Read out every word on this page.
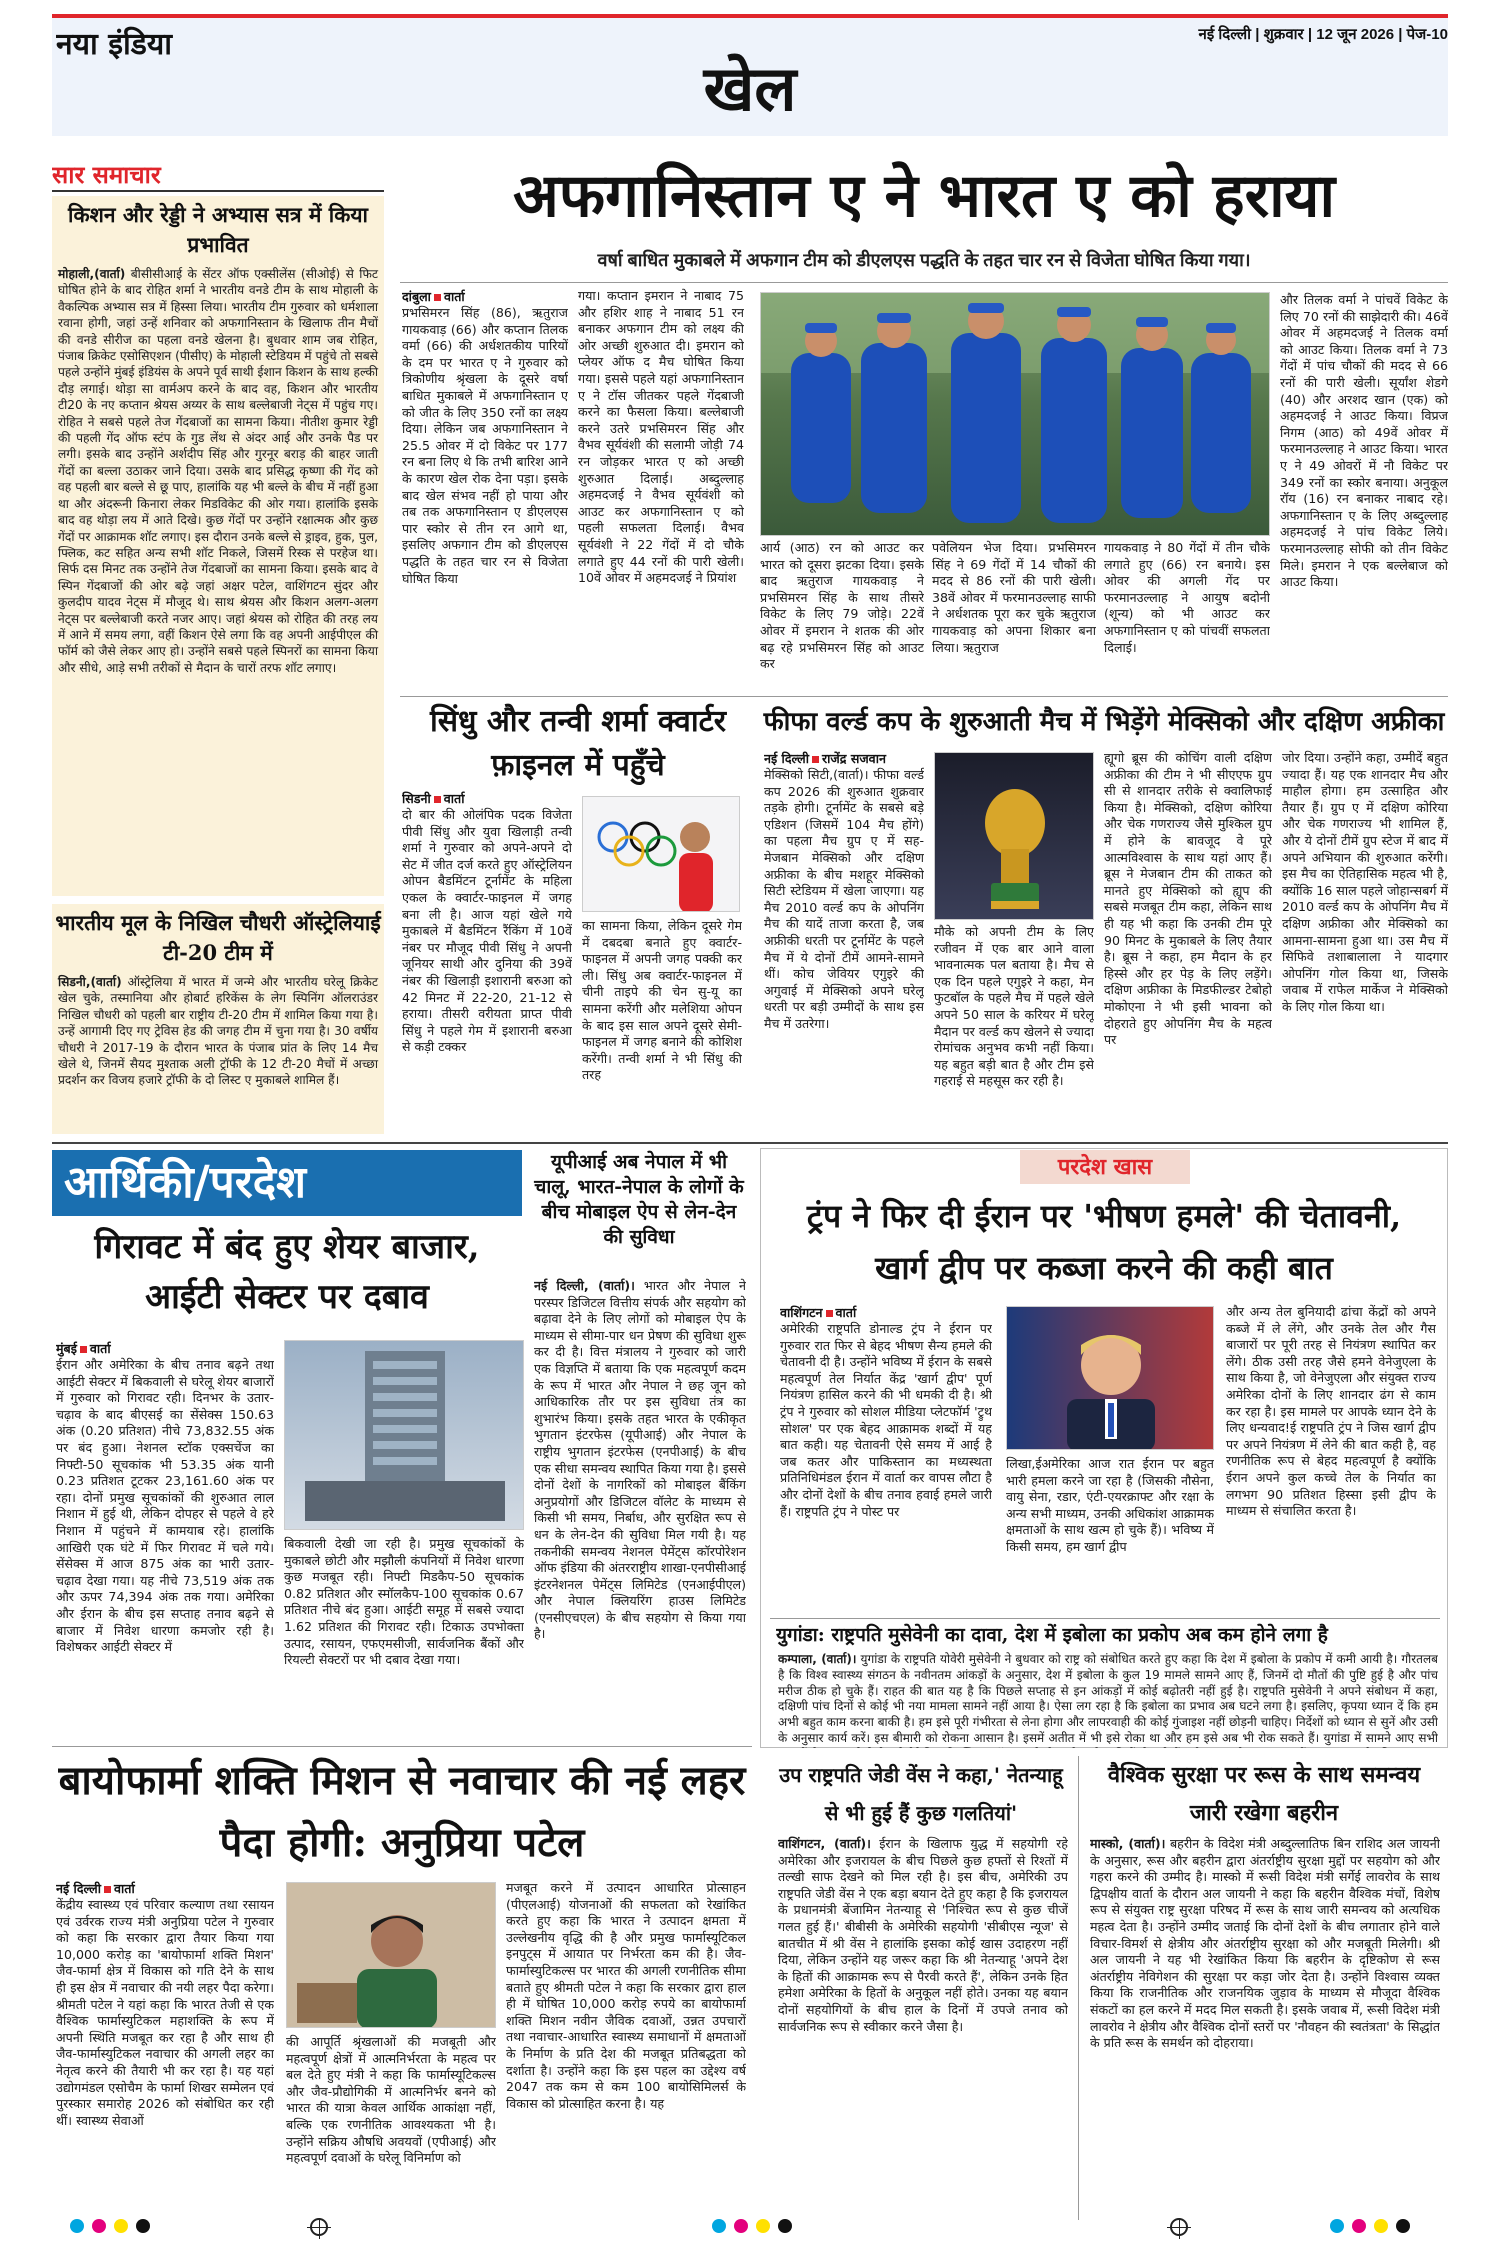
नया इंडिया	नई दिल्ली | शुक्रवार | 12 जून 2026 | पेज-10
खेल
सार समाचार
किशन और रेड्डी ने अभ्यास सत्र में किया प्रभावित
मोहाली,(वार्ता) बीसीसीआई के सेंटर ऑफ एक्सीलेंस (सीओई) से फिट घोषित होने के बाद रोहित शर्मा ने भारतीय वनडे टीम के साथ मोहाली के वैकल्पिक अभ्यास सत्र में हिस्सा लिया। भारतीय टीम गुरुवार को धर्मशाला रवाना होगी, जहां उन्हें शनिवार को अफगानिस्तान के खिलाफ तीन मैचों की वनडे सीरीज का पहला वनडे खेलना है। बुधवार शाम जब रोहित, पंजाब क्रिकेट एसोसिएशन (पीसीए) के मोहाली स्टेडियम में पहुंचे तो सबसे पहले उन्होंने मुंबई इंडियंस के अपने पूर्व साथी ईशान किशन के साथ हल्की दौड़ लगाई। थोड़ा सा वार्मअप करने के बाद वह, किशन और भारतीय टी20 के नए कप्तान श्रेयस अय्यर के साथ बल्लेबाजी नेट्स में पहुंच गए। रोहित ने सबसे पहले तेज गेंदबाजों का सामना किया। नीतीश कुमार रेड्डी की पहली गेंद ऑफ स्टंप के गुड लेंथ से अंदर आई और उनके पैड पर लगी। इसके बाद उन्होंने अर्शदीप सिंह और गुरनूर बराड़ की बाहर जाती गेंदों का बल्ला उठाकर जाने दिया। उसके बाद प्रसिद्ध कृष्णा की गेंद को वह पहली बार बल्ले से छू पाए, हालांकि यह भी बल्ले के बीच में नहीं हुआ था और अंदरूनी किनारा लेकर मिडविकेट की ओर गया। हालांकि इसके बाद वह थोड़ा लय में आते दिखे। कुछ गेंदों पर उन्होंने रक्षात्मक और कुछ गेंदों पर आक्रामक शॉट लगाए। इस दौरान उनके बल्ले से ड्राइव, हुक, पुल, फ्लिक, कट सहित अन्य सभी शॉट निकले, जिसमें रिस्क से परहेज था। सिर्फ दस मिनट तक उन्होंने तेज गेंदबाजों का सामना किया। इसके बाद वे स्पिन गेंदबाजों की ओर बढ़े जहां अक्षर पटेल, वाशिंगटन सुंदर और कुलदीप यादव नेट्स में मौजूद थे। साथ श्रेयस और किशन अलग-अलग नेट्स पर बल्लेबाजी करते नजर आए। जहां श्रेयस को रोहित की तरह लय में आने में समय लगा, वहीं किशन ऐसे लगा कि वह अपनी आईपीएल की फॉर्म को जैसे लेकर आए हो। उन्होंने सबसे पहले स्पिनरों का सामना किया और सीधे, आड़े सभी तरीकों से मैदान के चारों तरफ शॉट लगाए।
भारतीय मूल के निखिल चौधरी ऑस्ट्रेलियाई टी-20 टीम में
सिडनी,(वार्ता) ऑस्ट्रेलिया में भारत में जन्मे और भारतीय घरेलू क्रिकेट खेल चुके, तस्मानिया और होबार्ट हरिकेंस के लेग स्पिनिंग ऑलराउंडर निखिल चौधरी को पहली बार राष्ट्रीय टी-20 टीम में शामिल किया गया है। उन्हें आगामी दिए गए ट्रेविस हेड की जगह टीम में चुना गया है। 30 वर्षीय चौधरी ने 2017-19 के दौरान भारत के पंजाब प्रांत के लिए 14 मैच खेले थे, जिनमें सैयद मुश्ताक अली ट्रॉफी के 12 टी-20 मैचों में अच्छा प्रदर्शन कर विजय हजारे ट्रॉफी के दो लिस्ट ए मुकाबले शामिल हैं।
अफगानिस्तान ए ने भारत ए को हराया
वर्षा बाधित मुकाबले में अफगान टीम को डीएलएस पद्धति के तहत चार रन से विजेता घोषित किया गया।
दांबुला वार्ता
प्रभसिमरन सिंह (86), ऋतुराज गायकवाड़ (66) और कप्तान तिलक वर्मा (66) की अर्धशतकीय पारियों के दम पर भारत ए ने गुरुवार को त्रिकोणीय श्रृंखला के दूसरे वर्षा बाधित मुकाबले में अफगानिस्तान ए को जीत के लिए 350 रनों का लक्ष्य दिया। लेकिन जब अफगानिस्तान ने 25.5 ओवर में दो विकेट पर 177 रन बना लिए थे कि तभी बारिश आने के कारण खेल रोक देना पड़ा। इसके बाद खेल संभव नहीं हो पाया और तब तक अफगानिस्तान ए डीएलएस पार स्कोर से तीन रन आगे था, इसलिए अफगान टीम को डीएलएस पद्धति के तहत चार रन से विजेता घोषित किया
गया। कप्तान इमरान ने नाबाद 75 और हशिर शाह ने नाबाद 51 रन बनाकर अफगान टीम को लक्ष्य की ओर अच्छी शुरुआत दी। इमरान को प्लेयर ऑफ द मैच घोषित किया गया। इससे पहले यहां अफगानिस्तान ए ने टॉस जीतकर पहले गेंदबाजी करने का फैसला किया। बल्लेबाजी करने उतरे प्रभसिमरन सिंह और वैभव सूर्यवंशी की सलामी जोड़ी 74 रन जोड़कर भारत ए को अच्छी शुरुआत दिलाई। अब्दुल्लाह अहमदजई ने वैभव सूर्यवंशी को आउट कर अफगानिस्तान ए को पहली सफलता दिलाई। वैभव सूर्यवंशी ने 22 गेंदों में दो चौके लगाते हुए 44 रनों की पारी खेली। 10वें ओवर में अहमदजई ने प्रियांश
आर्य (आठ) रन को आउट कर भारत को दूसरा झटका दिया। इसके बाद ऋतुराज गायकवाड़ ने प्रभसिमरन सिंह के साथ तीसरे विकेट के लिए 79 जोड़े। 22वें ओवर में इमरान ने शतक की ओर बढ़ रहे प्रभसिमरन सिंह को आउट कर
पवेलियन भेज दिया। प्रभसिमरन सिंह ने 69 गेंदों में 14 चौकों की मदद से 86 रनों की पारी खेली। 38वें ओवर में फरमानउल्लाह साफी ने अर्धशतक पूरा कर चुके ऋतुराज गायकवाड़ को अपना शिकार बना लिया। ऋतुराज
गायकवाड़ ने 80 गेंदों में तीन चौके लगाते हुए (66) रन बनाये। इस ओवर की अगली गेंद पर फरमानउल्लाह ने आयुष बदोनी (शून्य) को भी आउट कर अफगानिस्तान ए को पांचवीं सफलता दिलाई।
और तिलक वर्मा ने पांचवें विकेट के लिए 70 रनों की साझेदारी की। 46वें ओवर में अहमदजई ने तिलक वर्मा को आउट किया। तिलक वर्मा ने 73 गेंदों में पांच चौकों की मदद से 66 रनों की पारी खेली। सूर्यांश शेडगे (40) और अरशद खान (एक) को अहमदजई ने आउट किया। विप्रज निगम (आठ) को 49वें ओवर में फरमानउल्लाह ने आउट किया। भारत ए ने 49 ओवरों में नौ विकेट पर 349 रनों का स्कोर बनाया। अनुकूल रॉय (16) रन बनाकर नाबाद रहे। अफगानिस्तान ए के लिए अब्दुल्लाह अहमदजई ने पांच विकेट लिये। फरमानउल्लाह सोफी को तीन विकेट मिले। इमरान ने एक बल्लेबाज को आउट किया।
सिंधु और तन्वी शर्मा क्वार्टर फ़ाइनल में पहुँचे
सिडनी वार्ता
दो बार की ओलंपिक पदक विजेता पीवी सिंधु और युवा खिलाड़ी तन्वी शर्मा ने गुरुवार को अपने-अपने दो सेट में जीत दर्ज करते हुए ऑस्ट्रेलियन ओपन बैडमिंटन टूर्नामेंट के महिला एकल के क्वार्टर-फाइनल में जगह बना ली है। आज यहां खेले गये मुकाबले में बैडमिंटन रैंकिंग में 10वें नंबर पर मौजूद पीवी सिंधु ने अपनी जूनियर साथी और दुनिया की 39वें नंबर की खिलाड़ी इशारानी बरुआ को 42 मिनट में 22-20, 21-12 से हराया। तीसरी वरीयता प्राप्त पीवी सिंधु ने पहले गेम में इशारानी बरुआ से कड़ी टक्कर
का सामना किया, लेकिन दूसरे गेम में दबदबा बनाते हुए क्वार्टर-फाइनल में अपनी जगह पक्की कर ली। सिंधु अब क्वार्टर-फाइनल में चीनी ताइपे की चेन सु-यू का सामना करेंगी और मलेशिया ओपन के बाद इस साल अपने दूसरे सेमी-फाइनल में जगह बनाने की कोशिश करेंगी। तन्वी शर्मा ने भी सिंधु की तरह
फीफा वर्ल्ड कप के शुरुआती मैच में भिड़ेंगे मेक्सिको और दक्षिण अफ्रीका
नई दिल्ली राजेंद्र सजवान
मेक्सिको सिटी,(वार्ता)। फीफा वर्ल्ड कप 2026 की शुरुआत शुक्रवार तड़के होगी। टूर्नामेंट के सबसे बड़े एडिशन (जिसमें 104 मैच होंगे) का पहला मैच ग्रुप ए में सह-मेजबान मेक्सिको और दक्षिण अफ्रीका के बीच मशहूर मेक्सिको सिटी स्टेडियम में खेला जाएगा। यह मैच 2010 वर्ल्ड कप के ओपनिंग मैच की यादें ताजा करता है, जब अफ्रीकी धरती पर टूर्नामेंट के पहले मैच में ये दोनों टीमें आमने-सामने थीं। कोच जेवियर एगुइरे की अगुवाई में मेक्सिको अपने घरेलू धरती पर बड़ी उम्मीदों के साथ इस मैच में उतरेगा।
मौके को अपनी टीम के लिए रजीवन में एक बार आने वाला भावनात्मक पल बताया है। मैच से एक दिन पहले एगुइरे ने कहा, मेन फुटबॉल के पहले मैच में पहले खेले अपने 50 साल के करियर में घरेलू मैदान पर वर्ल्ड कप खेलने से ज्यादा रोमांचक अनुभव कभी नहीं किया। यह बहुत बड़ी बात है और टीम इसे गहराई से महसूस कर रही है।
ह्यूगो ब्रूस की कोचिंग वाली दक्षिण अफ्रीका की टीम ने भी सीएएफ ग्रुप सी से शानदार तरीके से क्वालिफाई किया है। मेक्सिको, दक्षिण कोरिया और चेक गणराज्य जैसे मुश्किल ग्रुप में होने के बावजूद वे पूरे आत्मविश्वास के साथ यहां आए हैं। ब्रूस ने मेजबान टीम की ताकत को मानते हुए मेक्सिको को ह्यूप की सबसे मजबूत टीम कहा, लेकिन साथ ही यह भी कहा कि उनकी टीम पूरे 90 मिनट के मुकाबले के लिए तैयार है। ब्रूस ने कहा, हम मैदान के हर हिस्से और हर पेड़ के लिए लड़ेंगे। दक्षिण अफ्रीका के मिडफील्डर टेबोहो मोकोएना ने भी इसी भावना को दोहराते हुए ओपनिंग मैच के महत्व पर
जोर दिया। उन्होंने कहा, उम्मीदें बहुत ज्यादा हैं। यह एक शानदार मैच और माहौल होगा। हम उत्साहित और तैयार हैं। ग्रुप ए में दक्षिण कोरिया और चेक गणराज्य भी शामिल हैं, और ये दोनों टीमें ग्रुप स्टेज में बाद में अपने अभियान की शुरुआत करेंगी। इस मैच का ऐतिहासिक महत्व भी है, क्योंकि 16 साल पहले जोहान्सबर्ग में 2010 वर्ल्ड कप के ओपनिंग मैच में दक्षिण अफ्रीका और मेक्सिको का आमना-सामना हुआ था। उस मैच में सिफिवे तशाबालाला ने यादगार ओपनिंग गोल किया था, जिसके जवाब में राफेल मार्केज ने मेक्सिको के लिए गोल किया था।
आर्थिकी/परदेश
गिरावट में बंद हुए शेयर बाजार, आईटी सेक्टर पर दबाव
मुंबई वार्ता
ईरान और अमेरिका के बीच तनाव बढ़ने तथा आईटी सेक्टर में बिकवाली से घरेलू शेयर बाजारों में गुरुवार को गिरावट रही। दिनभर के उतार-चढ़ाव के बाद बीएसई का सेंसेक्स 150.63 अंक (0.20 प्रतिशत) नीचे 73,832.55 अंक पर बंद हुआ। नेशनल स्टॉक एक्सचेंज का निफ्टी-50 सूचकांक भी 53.35 अंक यानी 0.23 प्रतिशत टूटकर 23,161.60 अंक पर रहा। दोनों प्रमुख सूचकांकों की शुरुआत लाल निशान में हुई थी, लेकिन दोपहर से पहले वे हरे निशान में पहुंचने में कामयाब रहे। हालांकि आखिरी एक घंटे में फिर गिरावट में चले गये। सेंसेक्स में आज 875 अंक का भारी उतार-चढ़ाव देखा गया। यह नीचे 73,519 अंक तक और ऊपर 74,394 अंक तक गया। अमेरिका और ईरान के बीच इस सप्ताह तनाव बढ़ने से बाजार में निवेश धारणा कमजोर रही है। विशेषकर आईटी सेक्टर में
बिकवाली देखी जा रही है। प्रमुख सूचकांकों के मुकाबले छोटी और मझौली कंपनियों में निवेश धारणा कुछ मजबूत रही। निफ्टी मिडकैप-50 सूचकांक 0.82 प्रतिशत और स्मॉलकैप-100 सूचकांक 0.67 प्रतिशत नीचे बंद हुआ। आईटी समूह में सबसे ज्यादा 1.62 प्रतिशत की गिरावट रही। टिकाऊ उपभोक्ता उत्पाद, रसायन, एफएमसीजी, सार्वजनिक बैंकों और रियल्टी सेक्टरों पर भी दबाव देखा गया।
यूपीआई अब नेपाल में भी चालू, भारत-नेपाल के लोगों के बीच मोबाइल ऐप से लेन-देन की सुविधा
नई दिल्ली, (वार्ता)। भारत और नेपाल ने परस्पर डिजिटल वित्तीय संपर्क और सहयोग को बढ़ावा देने के लिए लोगों को मोबाइल ऐप के माध्यम से सीमा-पार धन प्रेषण की सुविधा शुरू कर दी है। वित्त मंत्रालय ने गुरुवार को जारी एक विज्ञप्ति में बताया कि एक महत्वपूर्ण कदम के रूप में भारत और नेपाल ने छह जून को आधिकारिक तौर पर इस सुविधा तंत्र का शुभारंभ किया। इसके तहत भारत के एकीकृत भुगतान इंटरफेस (यूपीआई) और नेपाल के राष्ट्रीय भुगतान इंटरफेस (एनपीआई) के बीच एक सीधा समन्वय स्थापित किया गया है। इससे दोनों देशों के नागरिकों को मोबाइल बैंकिंग अनुप्रयोगों और डिजिटल वॉलेट के माध्यम से किसी भी समय, निर्बाध, और सुरक्षित रूप से धन के लेन-देन की सुविधा मिल गयी है। यह तकनीकी समन्वय नेशनल पेमेंट्स कॉरपोरेशन ऑफ इंडिया की अंतरराष्ट्रीय शाखा-एनपीसीआई इंटरनेशनल पेमेंट्स लिमिटेड (एनआईपीएल) और नेपाल क्लियरिंग हाउस लिमिटेड (एनसीएचएल) के बीच सहयोग से किया गया है।
परदेश खास
ट्रंप ने फिर दी ईरान पर 'भीषण हमले' की चेतावनी, खार्ग द्वीप पर कब्जा करने की कही बात
वाशिंगटन वार्ता
अमेरिकी राष्ट्रपति डोनाल्ड ट्रंप ने ईरान पर गुरुवार रात फिर से बेहद भीषण सैन्य हमले की चेतावनी दी है। उन्होंने भविष्य में ईरान के सबसे महत्वपूर्ण तेल निर्यात केंद्र 'खार्ग द्वीप' पूर्ण नियंत्रण हासिल करने की भी धमकी दी है। श्री ट्रंप ने गुरुवार को सोशल मीडिया प्लेटफॉर्म 'ट्रुथ सोशल' पर एक बेहद आक्रामक शब्दों में यह बात कही। यह चेतावनी ऐसे समय में आई है जब कतर और पाकिस्तान का मध्यस्थता प्रतिनिधिमंडल ईरान में वार्ता कर वापस लौटा है और दोनों देशों के बीच तनाव हवाई हमले जारी हैं। राष्ट्रपति ट्रंप ने पोस्ट पर
लिखा,ईअमेरिका आज रात ईरान पर बहुत भारी हमला करने जा रहा है (जिसकी नौसेना, वायु सेना, रडार, एंटी-एयरक्राफ्ट और रक्षा के अन्य सभी माध्यम, उनकी अधिकांश आक्रामक क्षमताओं के साथ खत्म हो चुके हैं)। भविष्य में किसी समय, हम खार्ग द्वीप
और अन्य तेल बुनियादी ढांचा केंद्रों को अपने कब्जे में ले लेंगे, और उनके तेल और गैस बाजारों पर पूरी तरह से नियंत्रण स्थापित कर लेंगे। ठीक उसी तरह जैसे हमने वेनेजुएला के साथ किया है, जो वेनेजुएला और संयुक्त राज्य अमेरिका दोनों के लिए शानदार ढंग से काम कर रहा है। इस मामले पर आपके ध्यान देने के लिए धन्यवाद!ई राष्ट्रपति ट्रंप ने जिस खार्ग द्वीप पर अपने नियंत्रण में लेने की बात कही है, वह रणनीतिक रूप से बेहद महत्वपूर्ण है क्योंकि ईरान अपने कुल कच्चे तेल के निर्यात का लगभग 90 प्रतिशत हिस्सा इसी द्वीप के माध्यम से संचालित करता है।
युगांडा: राष्ट्रपति मुसेवेनी का दावा, देश में इबोला का प्रकोप अब कम होने लगा है
कम्पाला, (वार्ता)। युगांडा के राष्ट्रपति योवेरी मुसेवेनी ने बुधवार को राष्ट्र को संबोधित करते हुए कहा कि देश में इबोला के प्रकोप में कमी आयी है। गौरतलब है कि विश्व स्वास्थ्य संगठन के नवीनतम आंकड़ों के अनुसार, देश में इबोला के कुल 19 मामले सामने आए हैं, जिनमें दो मौतों की पुष्टि हुई है और पांच मरीज ठीक हो चुके हैं। राहत की बात यह है कि पिछले सप्ताह से इन आंकड़ों में कोई बढ़ोतरी नहीं हुई है। राष्ट्रपति मुसेवेनी ने अपने संबोधन में कहा, दक्षिणी पांच दिनों से कोई भी नया मामला सामने नहीं आया है। ऐसा लग रहा है कि इबोला का प्रभाव अब घटने लगा है। इसलिए, कृपया ध्यान दें कि हम अभी बहुत काम करना बाकी है। हम इसे पूरी गंभीरता से लेना होगा और लापरवाही की कोई गुंजाइश नहीं छोड़नी चाहिए। निर्देशों को ध्यान से सुनें और उसी के अनुसार कार्य करें। इस बीमारी को रोकना आसान है। इसमें अतीत में भी इसे रोका था और हम इसे अब भी रोक सकते हैं। युगांडा में सामने आए सभी
बायोफार्मा शक्ति मिशन से नवाचार की नई लहर पैदा होगी: अनुप्रिया पटेल
नई दिल्ली वार्ता
केंद्रीय स्वास्थ्य एवं परिवार कल्याण तथा रसायन एवं उर्वरक राज्य मंत्री अनुप्रिया पटेल ने गुरुवार को कहा कि सरकार द्वारा तैयार किया गया 10,000 करोड़ का 'बायोफार्मा शक्ति मिशन' जैव-फार्मा क्षेत्र में विकास को गति देने के साथ ही इस क्षेत्र में नवाचार की नयी लहर पैदा करेगा। श्रीमती पटेल ने यहां कहा कि भारत तेजी से एक वैश्विक फार्मास्युटिकल महाशक्ति के रूप में अपनी स्थिति मजबूत कर रहा है और साथ ही जैव-फार्मास्युटिकल नवाचार की अगली लहर का नेतृत्व करने की तैयारी भी कर रहा है। यह यहां उद्योगमंडल एसोचैम के फार्मा शिखर सम्मेलन एवं पुरस्कार समारोह 2026 को संबोधित कर रही थीं। स्वास्थ्य सेवाओं
की आपूर्ति श्रृंखलाओं की मजबूती और महत्वपूर्ण क्षेत्रों में आत्मनिर्भरता के महत्व पर बल देते हुए मंत्री ने कहा कि फार्मास्यूटिकल्स और जैव-प्रौद्योगिकी में आत्मनिर्भर बनने को भारत की यात्रा केवल आर्थिक आकांक्षा नहीं, बल्कि एक रणनीतिक आवश्यकता भी है। उन्होंने सक्रिय औषधि अवयवों (एपीआई) और महत्वपूर्ण दवाओं के घरेलू विनिर्माण को
मजबूत करने में उत्पादन आधारित प्रोत्साहन (पीएलआई) योजनाओं की सफलता को रेखांकित करते हुए कहा कि भारत ने उत्पादन क्षमता में उल्लेखनीय वृद्धि की है और प्रमुख फार्मास्यूटिकल इनपुट्स में आयात पर निर्भरता कम की है। जैव-फार्मास्युटिकल्स पर भारत की अगली रणनीतिक सीमा बताते हुए श्रीमती पटेल ने कहा कि सरकार द्वारा हाल ही में घोषित 10,000 करोड़ रुपये का बायोफार्मा शक्ति मिशन नवीन जैविक दवाओं, उन्नत उपचारों तथा नवाचार-आधारित स्वास्थ्य समाधानों में क्षमताओं के निर्माण के प्रति देश की मजबूत प्रतिबद्धता को दर्शाता है। उन्होंने कहा कि इस पहल का उद्देश्य वर्ष 2047 तक कम से कम 100 बायोसिमिलर्स के विकास को प्रोत्साहित करना है। यह
उप राष्ट्रपति जेडी वेंस ने कहा,' नेतन्याहू से भी हुई हैं कुछ गलतियां'
वाशिंगटन, (वार्ता)। ईरान के खिलाफ युद्ध में सहयोगी रहे अमेरिका और इजरायल के बीच पिछले कुछ हफ्तों से रिश्तों में तल्खी साफ देखने को मिल रही है। इस बीच, अमेरिकी उप राष्ट्रपति जेडी वेंस ने एक बड़ा बयान देते हुए कहा है कि इजरायल के प्रधानमंत्री बेंजामिन नेतन्याहू से 'निश्चित रूप से कुछ चीजें गलत हुई हैं।' बीबीसी के अमेरिकी सहयोगी 'सीबीएस न्यूज' से बातचीत में श्री वेंस ने हालांकि इसका कोई खास उदाहरण नहीं दिया, लेकिन उन्होंने यह जरूर कहा कि श्री नेतन्याहू 'अपने देश के हितों की आक्रामक रूप से पैरवी करते हैं', लेकिन उनके हित हमेशा अमेरिका के हितों के अनुकूल नहीं होते। उनका यह बयान दोनों सहयोगियों के बीच हाल के दिनों में उपजे तनाव को सार्वजनिक रूप से स्वीकार करने जैसा है।
वैश्विक सुरक्षा पर रूस के साथ समन्वय जारी रखेगा बहरीन
मास्को, (वार्ता)। बहरीन के विदेश मंत्री अब्दुल्लातिफ बिन राशिद अल जायनी के अनुसार, रूस और बहरीन द्वारा अंतर्राष्ट्रीय सुरक्षा मुद्दों पर सहयोग को और गहरा करने की उम्मीद है। मास्को में रूसी विदेश मंत्री सर्गेई लावरोव के साथ द्विपक्षीय वार्ता के दौरान अल जायनी ने कहा कि बहरीन वैश्विक मंचों, विशेष रूप से संयुक्त राष्ट्र सुरक्षा परिषद में रूस के साथ जारी समन्वय को अत्यधिक महत्व देता है। उन्होंने उम्मीद जताई कि दोनों देशों के बीच लगातार होने वाले विचार-विमर्श से क्षेत्रीय और अंतर्राष्ट्रीय सुरक्षा को और मजबूती मिलेगी। श्री अल जायनी ने यह भी रेखांकित किया कि बहरीन के दृष्टिकोण से रूस अंतर्राष्ट्रीय नेविगेशन की सुरक्षा पर कड़ा जोर देता है। उन्होंने विश्वास व्यक्त किया कि राजनीतिक और राजनयिक जुड़ाव के माध्यम से मौजूदा वैश्विक संकटों का हल करने में मदद मिल सकती है। इसके जवाब में, रूसी विदेश मंत्री लावरोव ने क्षेत्रीय और वैश्विक दोनों स्तरों पर 'नौवहन की स्वतंत्रता' के सिद्धांत के प्रति रूस के समर्थन को दोहराया।
